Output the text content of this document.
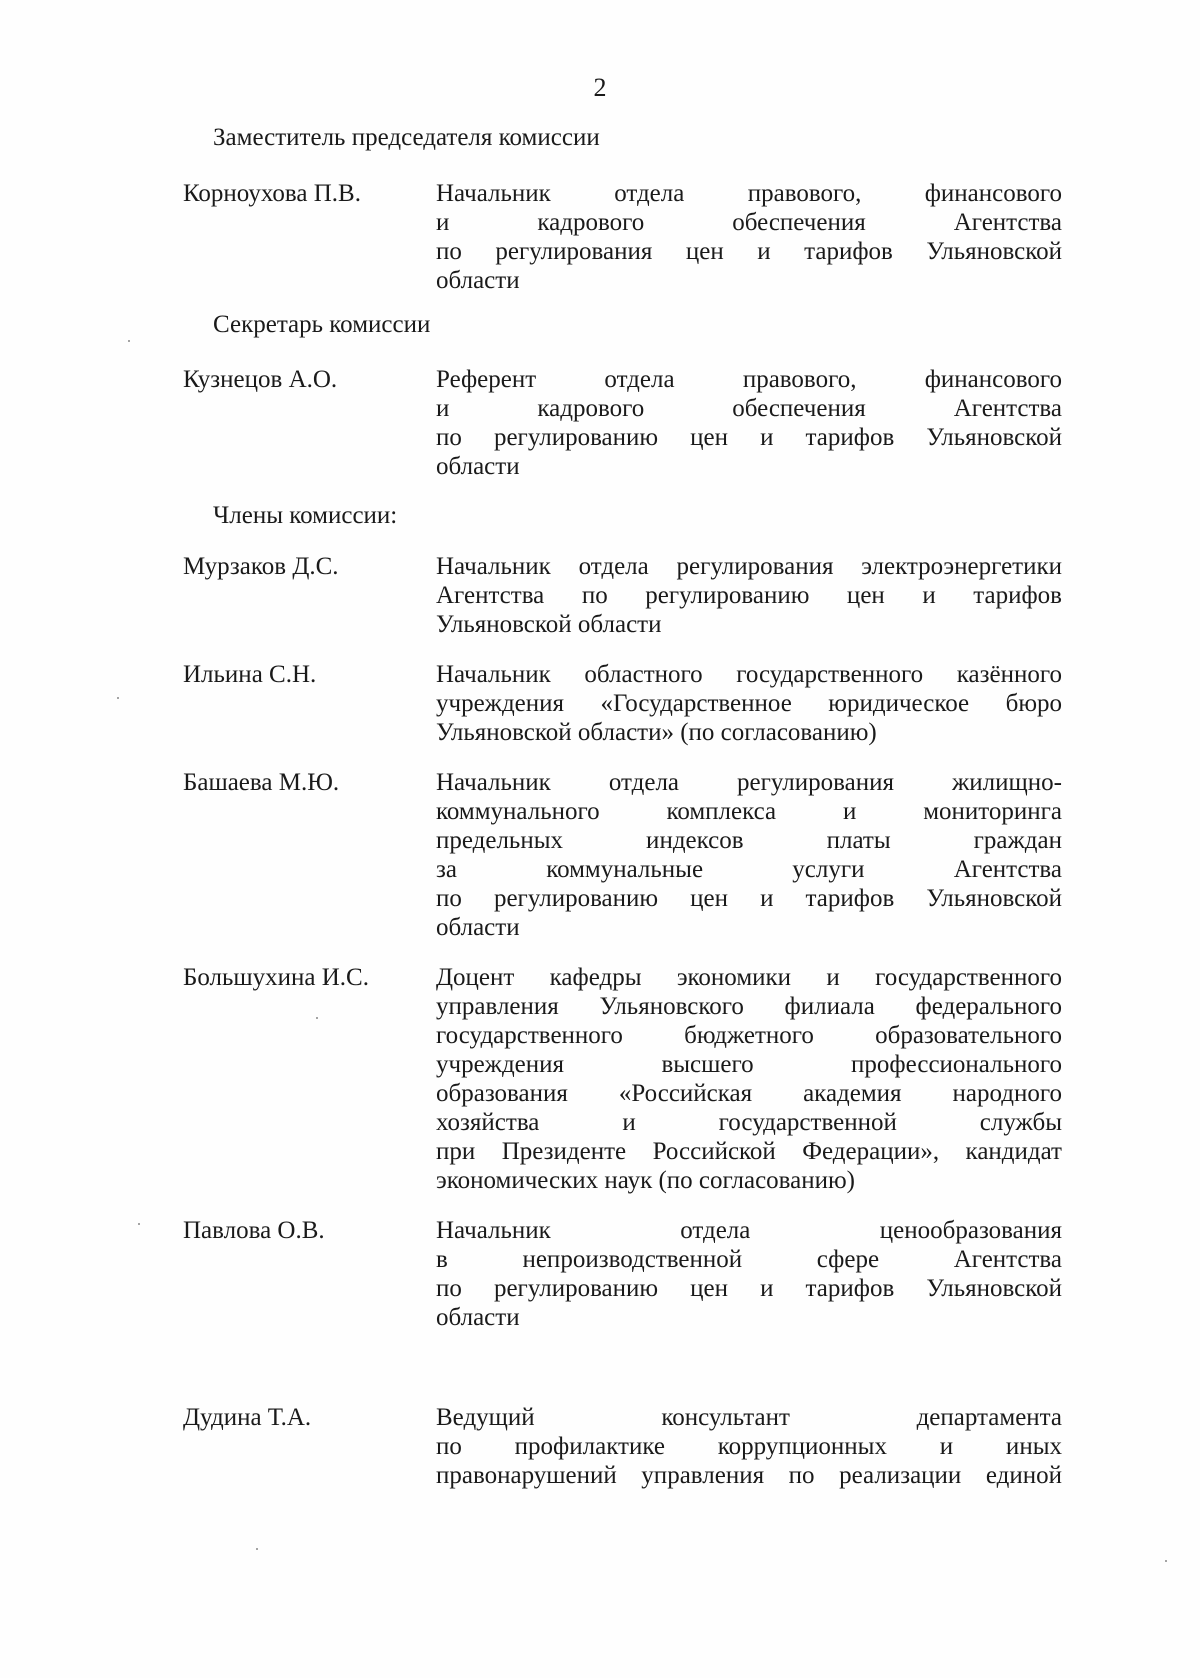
2
Заместитель председателя комиссии
Корноухова П.В.	Начальник отдела правового, финансового
и кадрового обеспечения Агентства
по регулирования цен и тарифов Ульяновской
области
Секретарь комиссии
Кузнецов А.О.	Референт отдела правового, финансового
и кадрового обеспечения Агентства
по регулированию цен и тарифов Ульяновской
области
Члены комиссии:
Мурзаков Д.С.	Начальник отдела регулирования электроэнергетики
Агентства по регулированию цен и тарифов
Ульяновской области
Ильина С.Н.	Начальник областного государственного казённого
учреждения «Государственное юридическое бюро
Ульяновской области» (по согласованию)
Башаева М.Ю.	Начальник отдела регулирования жилищно-
коммунального комплекса и мониторинга
предельных индексов платы граждан
за коммунальные услуги Агентства
по регулированию цен и тарифов Ульяновской
области
Большухина И.С.	Доцент кафедры экономики и государственного
управления Ульяновского филиала федерального
государственного бюджетного образовательного
учреждения высшего профессионального
образования «Российская академия народного
хозяйства и государственной службы
при Президенте Российской Федерации», кандидат
экономических наук (по согласованию)
Павлова О.В.	Начальник отдела ценообразования
в непроизводственной сфере Агентства
по регулированию цен и тарифов Ульяновской
области
Дудина Т.А.	Ведущий консультант департамента
по профилактике коррупционных и иных
правонарушений управления по реализации единой
